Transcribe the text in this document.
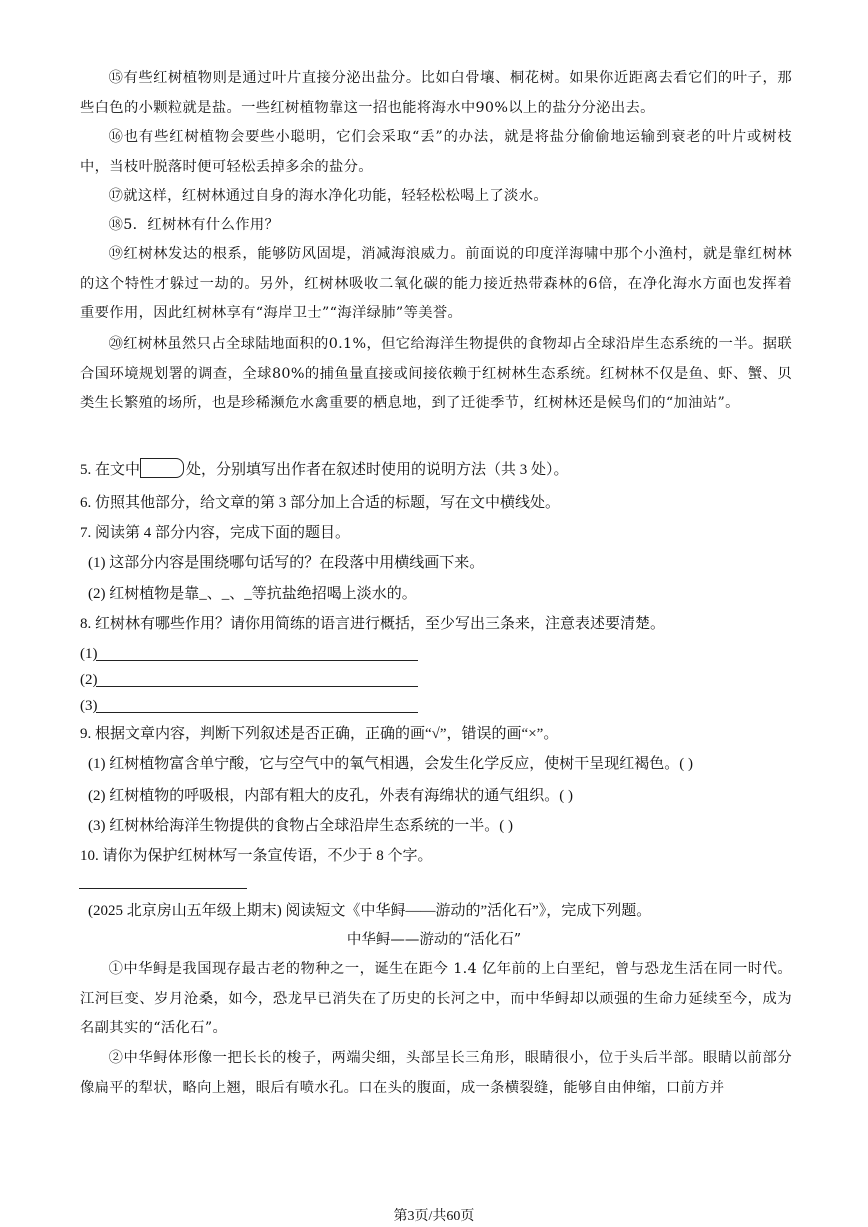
⑮有些红树植物则是通过叶片直接分泌出盐分。比如白骨壤、桐花树。如果你近距离去看它们的叶子，那些白色的小颗粒就是盐。一些红树植物靠这一招也能将海水中90%以上的盐分分泌出去。

⑯也有些红树植物会要些小聪明，它们会采取“丢”的办法，就是将盐分偷偷地运输到衰老的叶片或树枝中，当枝叶脱落时便可轻松丢掉多余的盐分。

⑰就这样，红树林通过自身的海水净化功能，轻轻松松喝上了淡水。

⑱5．红树林有什么作用？

⑲红树林发达的根系，能够防风固堤，消减海浪威力。前面说的印度洋海啸中那个小渔村，就是靠红树林的这个特性才躲过一劫的。另外，红树林吸收二氧化碳的能力接近热带森林的6倍，在净化海水方面也发挥着重要作用，因此红树林享有“海岸卫士”“海洋绿肺”等美誉。

⑳红树林虽然只占全球陆地面积的0.1%，但它给海洋生物提供的食物却占全球沿岸生态系统的一半。据联合国环境规划署的调查，全球80%的捕鱼量直接或间接依赖于红树林生态系统。红树林不仅是鱼、虾、蟹、贝类生长繁殖的场所，也是珍稀濒危水禽重要的栖息地，到了迁徙季节，红树林还是候鸟们的“加油站”。

5. 在文中	处，分别填写出作者在叙述时使用的说明方法（共 3 处）。
6. 仿照其他部分，给文章的第 3 部分加上合适的标题，写在文中横线处。
7. 阅读第 4 部分内容，完成下面的题目。
(1) 这部分内容是围绕哪句话写的？在段落中用横线画下来。
(2) 红树植物是靠_、_、_等抗盐绝招喝上淡水的。
8. 红树林有哪些作用？请你用简练的语言进行概括，至少写出三条来，注意表述要清楚。
(1)
(2)
(3)
9. 根据文章内容，判断下列叙述是否正确，正确的画“√”，错误的画“×”。
(1) 红树植物富含单宁酸，它与空气中的氧气相遇，会发生化学反应，使树干呈现红褐色。( )
(2) 红树植物的呼吸根，内部有粗大的皮孔，外表有海绵状的通气组织。( )
(3) 红树林给海洋生物提供的食物占全球沿岸生态系统的一半。( )
10. 请你为保护红树林写一条宣传语，不少于 8 个字。
(2025 北京房山五年级上期末) 阅读短文《中华鲟——游动的”活化石”》，完成下列题。
中华鲟——游动的“活化石”

①中华鲟是我国现存最古老的物种之一，诞生在距今 1.4 亿年前的上白垩纪，曾与恐龙生活在同一时代。江河巨变、岁月沧桑，如今，恐龙早已消失在了历史的长河之中，而中华鲟却以顽强的生命力延续至今，成为名副其实的“活化石”。

②中华鲟体形像一把长长的梭子，两端尖细，头部呈长三角形，眼睛很小，位于头后半部。眼睛以前部分像扁平的犁状，略向上翘，眼后有喷水孔。口在头的腹面，成一条横裂缝，能够自由伸缩，口前方并

第3页/共60页
